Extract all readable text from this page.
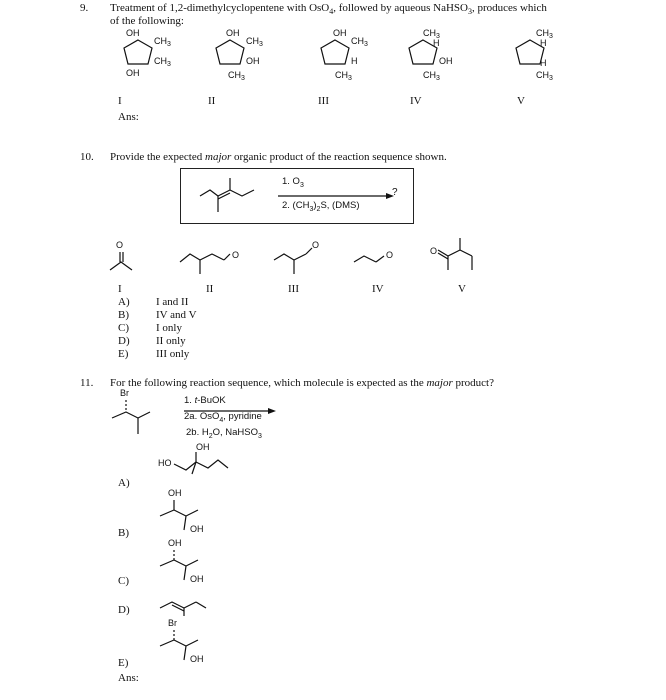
9. Treatment of 1,2-dimethylcyclopentene with OsO$_4$, followed by aqueous NaHSO$_3$, produces which
of the following:
OH
$CH_3$
$CH_3$
OH
I
OH
$CH_3$
OH
$CH_3$
II
OH
$CH_3$
H
$CH_3$
III
$CH_3$
H
OH
$CH_3$
IV
$CH_3$
H
H
$CH_3$
V
Ans:
10. Provide the expected major organic product of the reaction sequence shown.
1. $O_3$
?
2. $(CH_3)_2S$, (DMS)
O
I
O
II
O
III
O
IV
O
V
A) I and II
B) IV and V
C) I only
D) II only
E)	III only
11. For the following reaction sequence, which molecule is expected as the major product?
Br
1. t-BuOK
2a. OsO$_4$, pyridine
2b. $H_2O$, NaHSO$_3$
A)
OH
HO
B)
OH
OH
C)
OH
OH
D)
E)
Br
OH
Ans:
